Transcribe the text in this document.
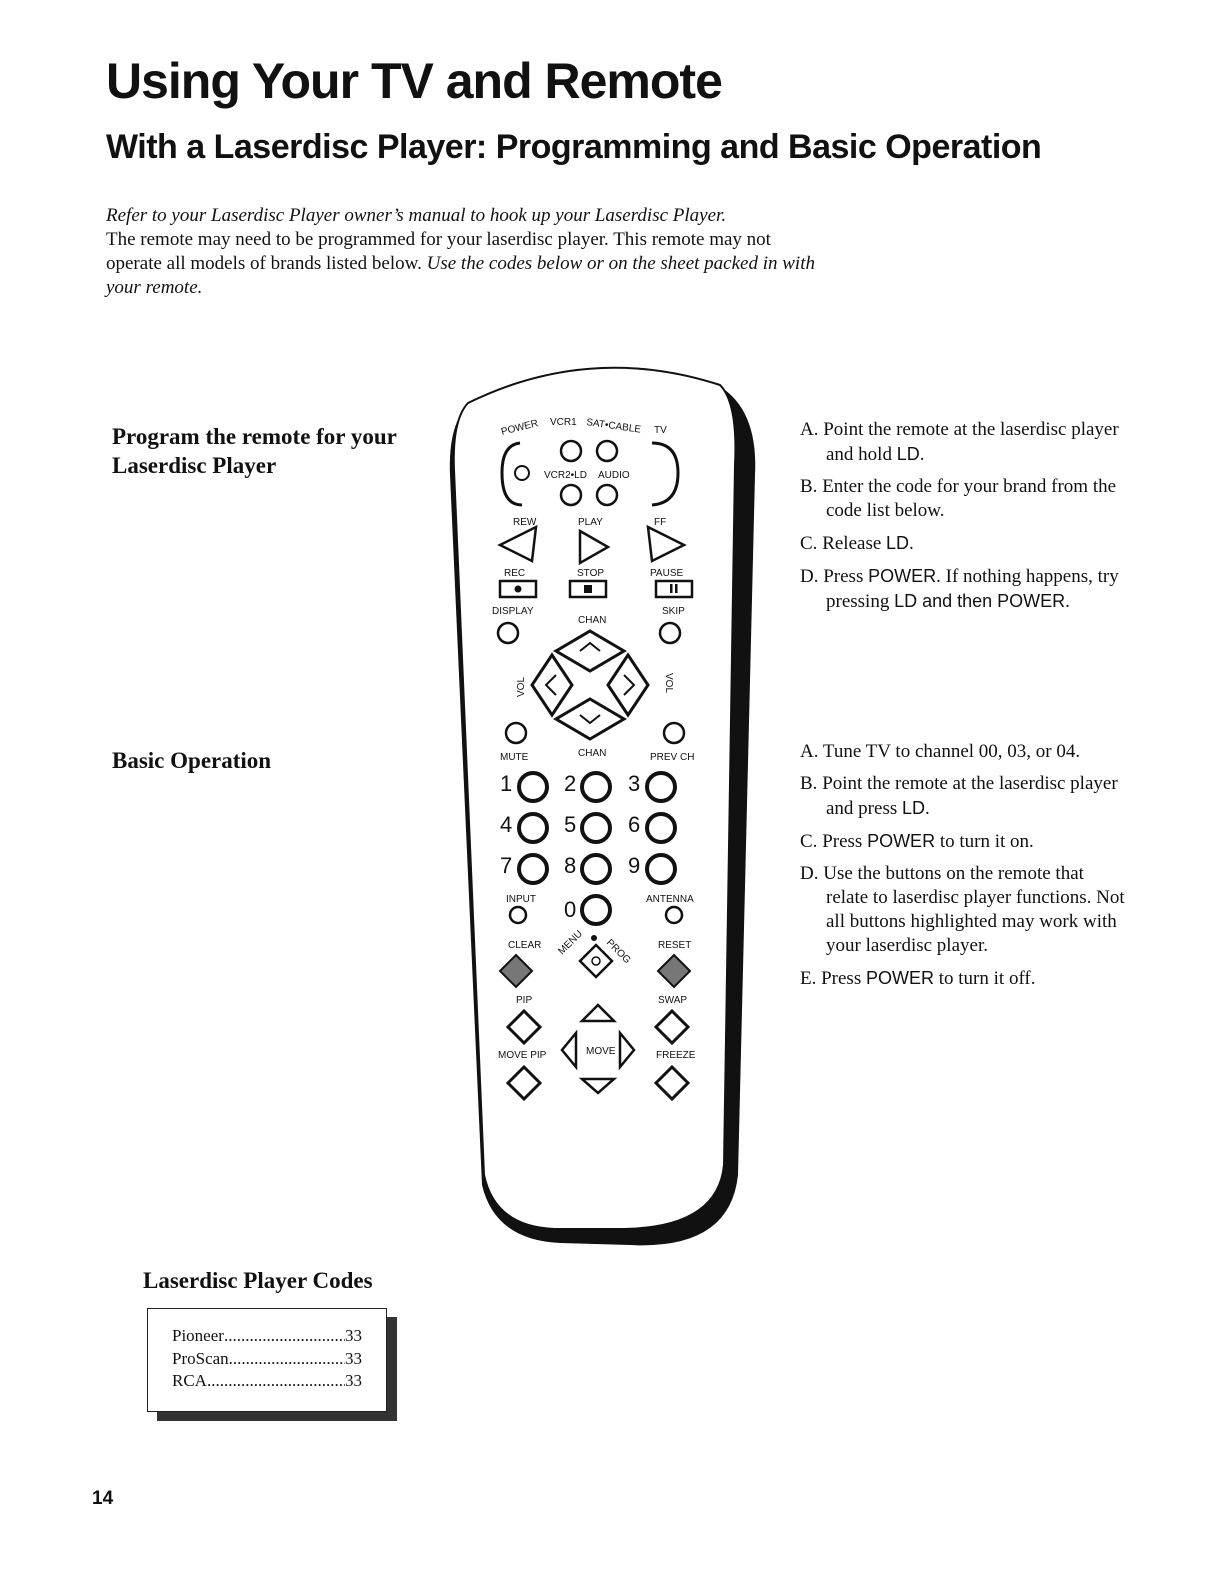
Using Your TV and Remote
With a Laserdisc Player: Programming and Basic Operation

Refer to your Laserdisc Player owner’s manual to hook up your Laserdisc Player.
The remote may need to be programmed for your laserdisc player. This remote may not operate all models of brands listed below. Use the codes below or on the sheet packed in with your remote.

Program the remote for your Laserdisc Player
A. Point the remote at the laserdisc player and hold LD.
B. Enter the code for your brand from the code list below.
C. Release LD.
D. Press POWER. If nothing happens, try pressing LD and then POWER.
Basic Operation	A. Tune TV to channel 00, 03, or 04.
B. Point the remote at the laserdisc player and press LD.
C. Press POWER to turn it on.
D. Use the buttons on the remote that relate to laserdisc player functions. Not all buttons highlighted may work with your laserdisc player.
E. Press POWER to turn it off.
POWER VCR1 SAT•CABLE TV
VCR2•LD AUDIO
REW	PLAY	FF
REC	STOP	PAUSE
DISPLAY	SKIP
CHAN
VOL	VOL
MUTE	CHAN	PREV CH
1 2 3
4 5 6
7 8 9
INPUT 0	ANTENNA
CLEAR	RESET
MENU PROG
PIP	SWAP
MOVE PIP	MOVE	FREEZE
Laserdisc Player Codes
Pioneer .....	33
ProScan .....	33
RCA .....	33
14
